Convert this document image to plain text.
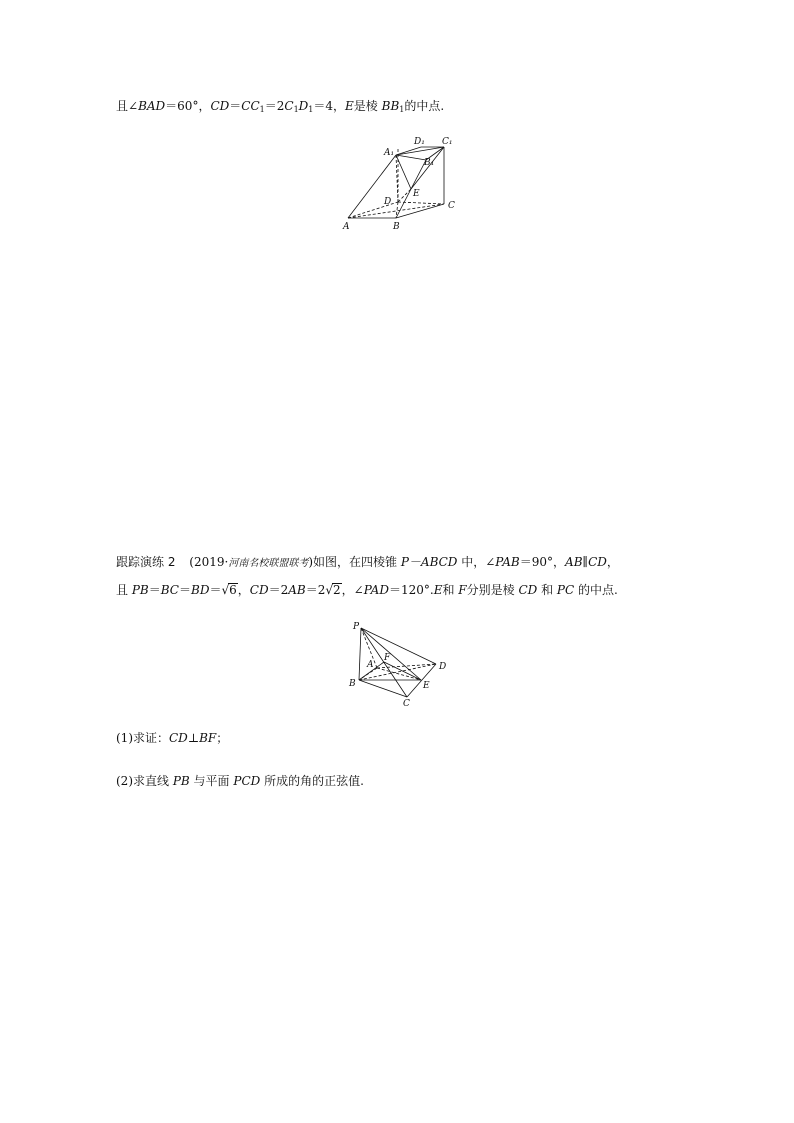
且∠BAD＝60°，$CD=CC_1=2C_1D_1=4$，E是棱 $BB_1$的中点.
A₁
D₁ C₁
B₁
D
E
C
A	B
跟踪演练 2 (2019·河南名校联盟联考)如图，在四棱锥 P－ABCD 中，∠PAB＝90°，AB∥CD，
且 PB＝BC＝BD＝√6，CD＝2AB＝2√2，∠PAD＝120°.E和 F分别是棱 CD 和 PC 的中点.
P
A
F
D
B	E
C
(1)求证：CD⊥BF；
(2)求直线 PB 与平面 PCD 所成的角的正弦值.
